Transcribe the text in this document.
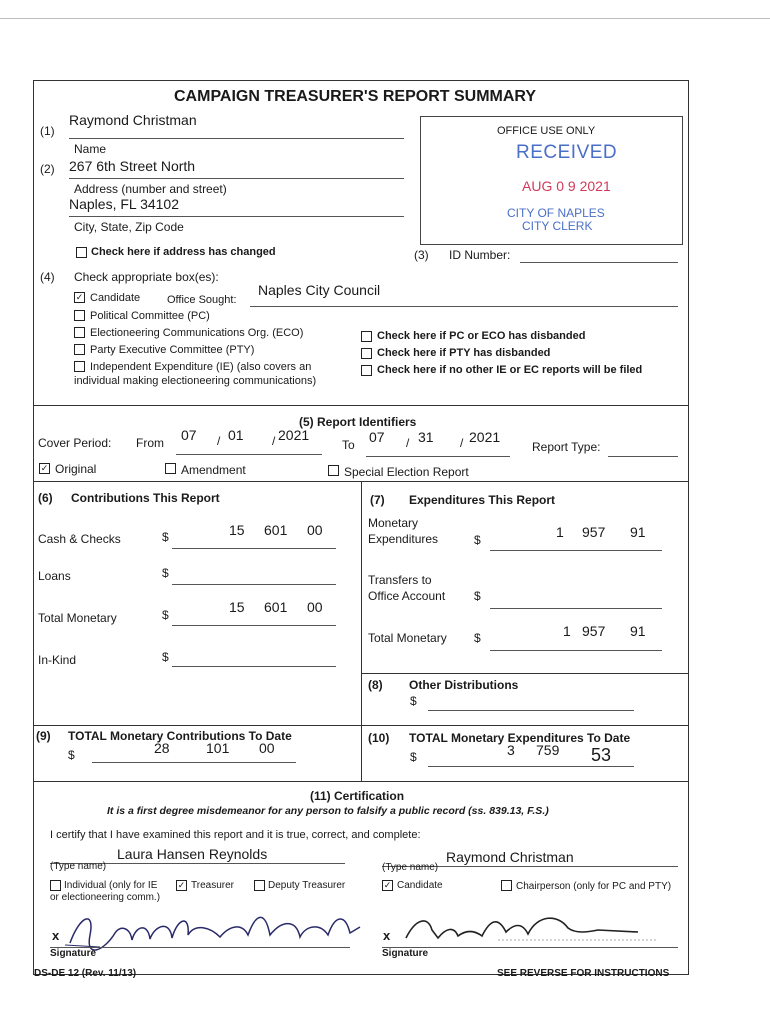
CAMPAIGN TREASURER'S REPORT SUMMARY
(1)
Raymond Christman
Name
(2) 267 6th Street North
Address (number and street)
Naples, FL 34102
City, State, Zip Code
Check here if address has changed
OFFICE USE ONLY
RECEIVED
AUG 0 9 2021
CITY OF NAPLES
CITY CLERK
(3) ID Number:
(4) Check appropriate box(es):
✓ Candidate Office Sought:
Naples City Council
Political Committee (PC)
Electioneering Communications Org. (ECO)
Party Executive Committee (PTY)
Independent Expenditure (IE) (also covers an
individual making electioneering communications)
Check here if PC or ECO has disbanded
Check here if PTY has disbanded
Check here if no other IE or EC reports will be filed
(5) Report Identifiers
Cover Period: From 07 / 01 / 2021
To 07 / 31 / 2021
Report Type:
✓ Original	Amendment	Special Election Report
(6) Contributions This Report
Cash & Checks	$	15 601 00
Loans	$
Total Monetary	$	15 601 00
In-Kind	$
(7) Expenditures This Report
Monetary
Expenditures	$	1 957 91
Transfers to
Office Account $
Total Monetary $	1 957 91
(8) Other Distributions
$
(9) TOTAL Monetary Contributions To Date
$	28	101 00
(10) TOTAL Monetary Expenditures To Date
$	3 759 53
(11) Certification
It is a first degree misdemeanor for any person to falsify a public record (ss. 839.13, F.S.)
I certify that I have examined this report and it is true, correct, and complete:
Laura Hansen Reynolds
(Type name)
Individual (only for IE
or electioneering comm.)
✓ Treasurer	Deputy Treasurer
Raymond Christman
(Type name)
✓ Candidate	Chairperson (only for PC and PTY)
x
Signature
x
Signature
DS-DE 12 (Rev. 11/13)	SEE REVERSE FOR INSTRUCTIONS
